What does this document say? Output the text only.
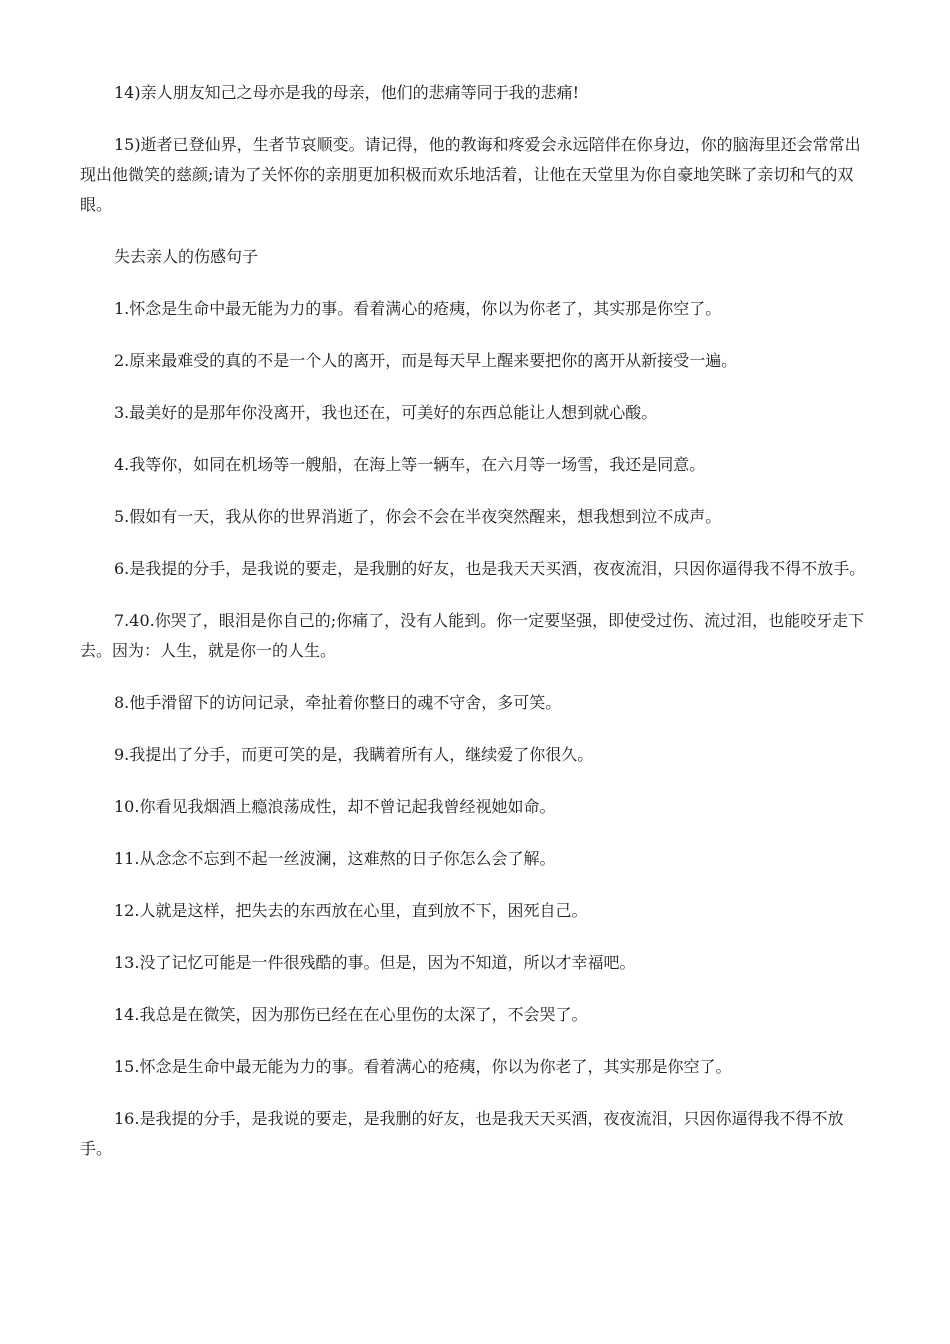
14)亲人朋友知己之母亦是我的母亲，他们的悲痛等同于我的悲痛!

15)逝者已登仙界，生者节哀顺变。请记得，他的教诲和疼爱会永远陪伴在你身边，你的脑海里还会常常出现出他微笑的慈颜;请为了关怀你的亲朋更加积极而欢乐地活着，让他在天堂里为你自豪地笑眯了亲切和气的双眼。

失去亲人的伤感句子

1.怀念是生命中最无能为力的事。看着满心的疮痍，你以为你老了，其实那是你空了。

2.原来最难受的真的不是一个人的离开，而是每天早上醒来要把你的离开从新接受一遍。

3.最美好的是那年你没离开，我也还在，可美好的东西总能让人想到就心酸。

4.我等你，如同在机场等一艘船，在海上等一辆车，在六月等一场雪，我还是同意。

5.假如有一天，我从你的世界消逝了，你会不会在半夜突然醒来，想我想到泣不成声。

6.是我提的分手，是我说的要走，是我删的好友，也是我天天买酒，夜夜流泪，只因你逼得我不得不放手。

7.40.你哭了，眼泪是你自己的;你痛了，没有人能到。你一定要坚强，即使受过伤、流过泪，也能咬牙走下去。因为：人生，就是你一的人生。

8.他手滑留下的访问记录，牵扯着你整日的魂不守舍，多可笑。

9.我提出了分手，而更可笑的是，我瞒着所有人，继续爱了你很久。

10.你看见我烟酒上瘾浪荡成性，却不曾记起我曾经视她如命。

11.从念念不忘到不起一丝波澜，这难熬的日子你怎么会了解。

12.人就是这样，把失去的东西放在心里，直到放不下，困死自己。

13.没了记忆可能是一件很残酷的事。但是，因为不知道，所以才幸福吧。

14.我总是在微笑，因为那伤已经在在心里伤的太深了，不会哭了。

15.怀念是生命中最无能为力的事。看着满心的疮痍，你以为你老了，其实那是你空了。

16.是我提的分手，是我说的要走，是我删的好友，也是我天天买酒，夜夜流泪，只因你逼得我不得不放手。
